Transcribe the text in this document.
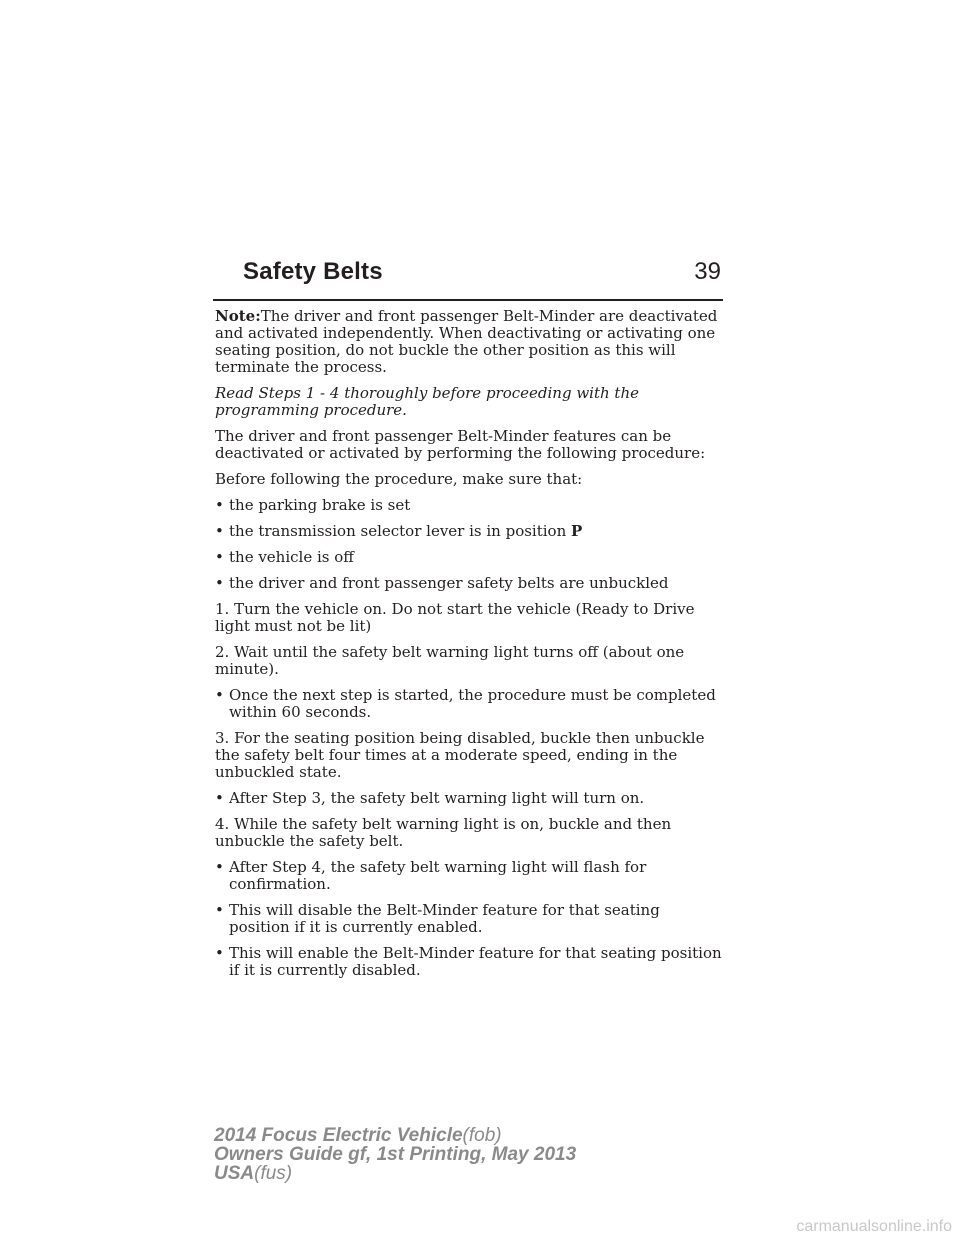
Safety Belts	39

Note:The driver and front passenger Belt-Minder are deactivated and activated independently. When deactivating or activating one seating position, do not buckle the other position as this will terminate the process.

Read Steps 1 - 4 thoroughly before proceeding with the programming procedure.

The driver and front passenger Belt-Minder features can be deactivated or activated by performing the following procedure:

Before following the procedure, make sure that:

• the parking brake is set
• the transmission selector lever is in position P
• the vehicle is off
• the driver and front passenger safety belts are unbuckled

1. Turn the vehicle on. Do not start the vehicle (Ready to Drive light must not be lit)

2. Wait until the safety belt warning light turns off (about one minute).

• Once the next step is started, the procedure must be completed within 60 seconds.

3. For the seating position being disabled, buckle then unbuckle the safety belt four times at a moderate speed, ending in the unbuckled state.

• After Step 3, the safety belt warning light will turn on.

4. While the safety belt warning light is on, buckle and then unbuckle the safety belt.

• After Step 4, the safety belt warning light will flash for confirmation.
• This will disable the Belt-Minder feature for that seating position if it is currently enabled.
• This will enable the Belt-Minder feature for that seating position if it is currently disabled.
2014 Focus Electric Vehicle(fob)
Owners Guide gf, 1st Printing, May 2013
USA(fus)
carmanualsonline.info
